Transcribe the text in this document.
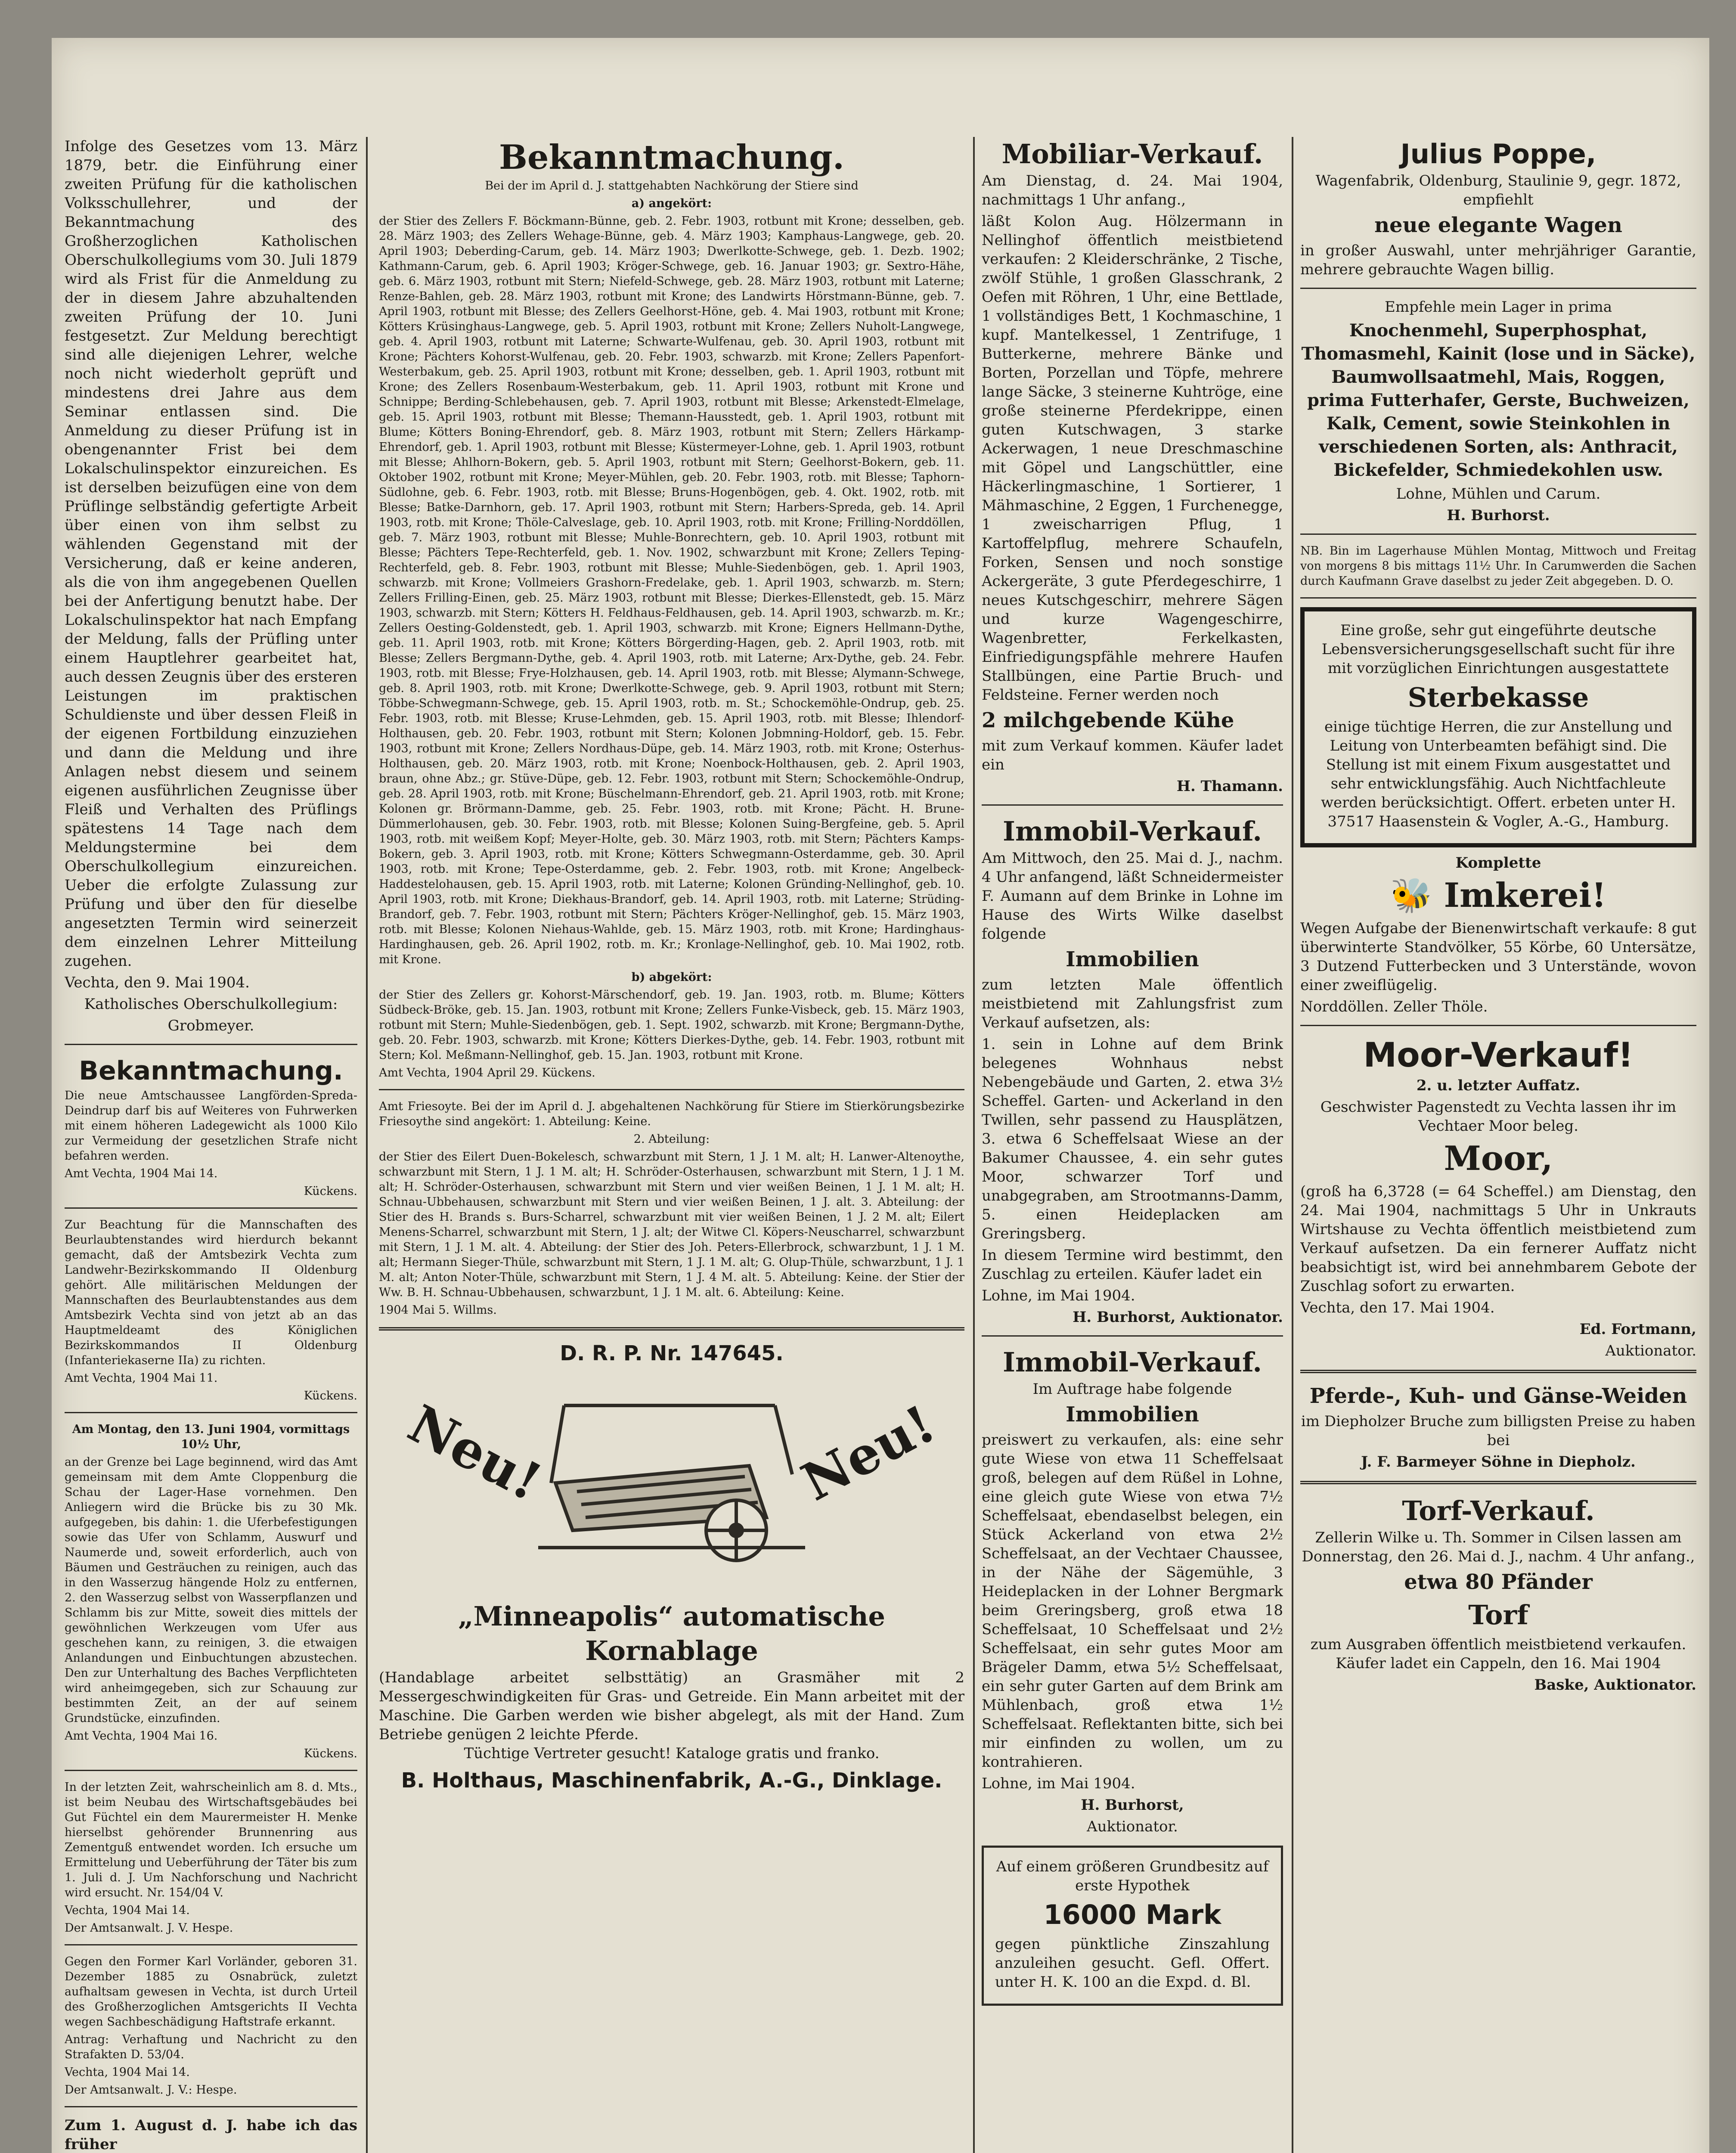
Infolge des Gesetzes vom 13. März 1879, betr. die Einführung einer zweiten Prüfung für die katholischen Volksschullehrer, und der Bekanntmachung des Großherzoglichen Katholischen Oberschulkollegiums vom 30. Juli 1879 wird als Frist für die Anmeldung zu der in diesem Jahre abzuhaltenden zweiten Prüfung der 10. Juni festgesetzt. Zur Meldung berechtigt sind alle diejenigen Lehrer, welche noch nicht wiederholt geprüft und mindestens drei Jahre aus dem Seminar entlassen sind. Die Anmeldung zu dieser Prüfung ist in obengenannter Frist bei dem Lokalschulinspektor einzureichen. Es ist derselben beizufügen eine von dem Prüflinge selbständig gefertigte Arbeit über einen von ihm selbst zu wählenden Gegenstand mit der Versicherung, daß er keine anderen, als die von ihm angegebenen Quellen bei der Anfertigung benutzt habe. Der Lokalschulinspektor hat nach Empfang der Meldung, falls der Prüfling unter einem Hauptlehrer gearbeitet hat, auch dessen Zeugnis über des ersteren Leistungen im praktischen Schuldienste und über dessen Fleiß in der eigenen Fortbildung einzuziehen und dann die Meldung und ihre Anlagen nebst diesem und seinem eigenen ausführlichen Zeugnisse über Fleiß und Verhalten des Prüflings spätestens 14 Tage nach dem Meldungstermine bei dem Oberschulkollegium einzureichen. Ueber die erfolgte Zulassung zur Prüfung und über den für dieselbe angesetzten Termin wird seinerzeit dem einzelnen Lehrer Mitteilung zugehen.

Vechta, den 9. Mai 1904.

Katholisches Oberschulkollegium:

Grobmeyer.

Bekanntmachung.

Die neue Amtschaussee Langförden-Spreda-Deindrup darf bis auf Weiteres von Fuhrwerken mit einem höheren Ladegewicht als 1000 Kilo zur Vermeidung der gesetzlichen Strafe nicht befahren werden.

Amt Vechta, 1904 Mai 14.

Kückens.

Zur Beachtung für die Mannschaften des Beurlaubtenstandes wird hierdurch bekannt gemacht, daß der Amtsbezirk Vechta zum Landwehr-Bezirkskommando II Oldenburg gehört. Alle militärischen Meldungen der Mannschaften des Beurlaubtenstandes aus dem Amtsbezirk Vechta sind von jetzt ab an das Hauptmeldeamt des Königlichen Bezirkskommandos II Oldenburg (Infanteriekaserne IIa) zu richten.

Amt Vechta, 1904 Mai 11.

Kückens.

Am Montag, den 13. Juni 1904, vormittags 10½ Uhr,

an der Grenze bei Lage beginnend, wird das Amt gemeinsam mit dem Amte Cloppenburg die Schau der Lager-Hase vornehmen. Den Anliegern wird die Brücke bis zu 30 Mk. aufgegeben, bis dahin: 1. die Uferbefestigungen sowie das Ufer von Schlamm, Auswurf und Naumerde und, soweit erforderlich, auch von Bäumen und Gesträuchen zu reinigen, auch das in den Wasserzug hängende Holz zu entfernen, 2. den Wasserzug selbst von Wasserpflanzen und Schlamm bis zur Mitte, soweit dies mittels der gewöhnlichen Werkzeugen vom Ufer aus geschehen kann, zu reinigen, 3. die etwaigen Anlandungen und Einbuchtungen abzustechen. Den zur Unterhaltung des Baches Verpflichteten wird anheimgegeben, sich zur Schauung zur bestimmten Zeit, an der auf seinem Grundstücke, einzufinden.

Amt Vechta, 1904 Mai 16.

Kückens.

In der letzten Zeit, wahrscheinlich am 8. d. Mts., ist beim Neubau des Wirtschaftsgebäudes bei Gut Füchtel ein dem Maurermeister H. Menke hierselbst gehörender Brunnenring aus Zementguß entwendet worden. Ich ersuche um Ermittelung und Ueberführung der Täter bis zum 1. Juli d. J. Um Nachforschung und Nachricht wird ersucht. Nr. 154/04 V.

Vechta, 1904 Mai 14.

Der Amtsanwalt. J. V. Hespe.

Gegen den Former Karl Vorländer, geboren 31. Dezember 1885 zu Osnabrück, zuletzt aufhaltsam gewesen in Vechta, ist durch Urteil des Großherzoglichen Amtsgerichts II Vechta wegen Sachbeschädigung Haftstrafe erkannt.

Antrag: Verhaftung und Nachricht zu den Strafakten D. 53/04.

Vechta, 1904 Mai 14.

Der Amtsanwalt. J. V.: Hespe.

Zum 1. August d. J. habe ich das früher

Bekanntmachung.

Bei der im April d. J. stattgehabten Nachkörung der Stiere sind

a) angekört:

der Stier des Zellers F. Böckmann-Bünne, geb. 2. Febr. 1903, rotbunt mit Krone; desselben, geb. 28. März 1903; des Zellers Wehage-Bünne, geb. 4. März 1903; Kamphaus-Langwege, geb. 20. April 1903; Deberding-Carum, geb. 14. März 1903; Dwerlkotte-Schwege, geb. 1. Dezb. 1902; Kathmann-Carum, geb. 6. April 1903; Kröger-Schwege, geb. 16. Januar 1903; gr. Sextro-Hähe, geb. 6. März 1903, rotbunt mit Stern; Niefeld-Schwege, geb. 28. März 1903, rotbunt mit Laterne; Renze-Bahlen, geb. 28. März 1903, rotbunt mit Krone; des Landwirts Hörstmann-Bünne, geb. 7. April 1903, rotbunt mit Blesse; des Zellers Geelhorst-Höne, geb. 4. Mai 1903, rotbunt mit Krone; Kötters Krüsinghaus-Langwege, geb. 5. April 1903, rotbunt mit Krone; Zellers Nuholt-Langwege, geb. 4. April 1903, rotbunt mit Laterne; Schwarte-Wulfenau, geb. 30. April 1903, rotbunt mit Krone; Pächters Kohorst-Wulfenau, geb. 20. Febr. 1903, schwarzb. mit Krone; Zellers Papenfort-Westerbakum, geb. 25. April 1903, rotbunt mit Krone; desselben, geb. 1. April 1903, rotbunt mit Krone; des Zellers Rosenbaum-Westerbakum, geb. 11. April 1903, rotbunt mit Krone und Schnippe; Berding-Schlebehausen, geb. 7. April 1903, rotbunt mit Blesse; Arkenstedt-Elmelage, geb. 15. April 1903, rotbunt mit Blesse; Themann-Hausstedt, geb. 1. April 1903, rotbunt mit Blume; Kötters Boning-Ehrendorf, geb. 8. März 1903, rotbunt mit Stern; Zellers Härkamp-Ehrendorf, geb. 1. April 1903, rotbunt mit Blesse; Küstermeyer-Lohne, geb. 1. April 1903, rotbunt mit Blesse; Ahlhorn-Bokern, geb. 5. April 1903, rotbunt mit Stern; Geelhorst-Bokern, geb. 11. Oktober 1902, rotbunt mit Krone; Meyer-Mühlen, geb. 20. Febr. 1903, rotb. mit Blesse; Taphorn-Südlohne, geb. 6. Febr. 1903, rotb. mit Blesse; Bruns-Hogenbögen, geb. 4. Okt. 1902, rotb. mit Blesse; Batke-Darnhorn, geb. 17. April 1903, rotbunt mit Stern; Harbers-Spreda, geb. 14. April 1903, rotb. mit Krone; Thöle-Calveslage, geb. 10. April 1903, rotb. mit Krone; Frilling-Norddöllen, geb. 7. März 1903, rotbunt mit Blesse; Muhle-Bonrechtern, geb. 10. April 1903, rotbunt mit Blesse; Pächters Tepe-Rechterfeld, geb. 1. Nov. 1902, schwarzbunt mit Krone; Zellers Teping-Rechterfeld, geb. 8. Febr. 1903, rotbunt mit Blesse; Muhle-Siedenbögen, geb. 1. April 1903, schwarzb. mit Krone; Vollmeiers Grashorn-Fredelake, geb. 1. April 1903, schwarzb. m. Stern; Zellers Frilling-Einen, geb. 25. März 1903, rotbunt mit Blesse; Dierkes-Ellenstedt, geb. 15. März 1903, schwarzb. mit Stern; Kötters H. Feldhaus-Feldhausen, geb. 14. April 1903, schwarzb. m. Kr.; Zellers Oesting-Goldenstedt, geb. 1. April 1903, schwarzb. mit Krone; Eigners Hellmann-Dythe, geb. 11. April 1903, rotb. mit Krone; Kötters Börgerding-Hagen, geb. 2. April 1903, rotb. mit Blesse; Zellers Bergmann-Dythe, geb. 4. April 1903, rotb. mit Laterne; Arx-Dythe, geb. 24. Febr. 1903, rotb. mit Blesse; Frye-Holzhausen, geb. 14. April 1903, rotb. mit Blesse; Alymann-Schwege, geb. 8. April 1903, rotb. mit Krone; Dwerlkotte-Schwege, geb. 9. April 1903, rotbunt mit Stern; Többe-Schwegmann-Schwege, geb. 15. April 1903, rotb. m. St.; Schockemöhle-Ondrup, geb. 25. Febr. 1903, rotb. mit Blesse; Kruse-Lehmden, geb. 15. April 1903, rotb. mit Blesse; Ihlendorf-Holthausen, geb. 20. Febr. 1903, rotbunt mit Stern; Kolonen Jobmning-Holdorf, geb. 15. Febr. 1903, rotbunt mit Krone; Zellers Nordhaus-Düpe, geb. 14. März 1903, rotb. mit Krone; Osterhus-Holthausen, geb. 20. März 1903, rotb. mit Krone; Noenbock-Holthausen, geb. 2. April 1903, braun, ohne Abz.; gr. Stüve-Düpe, geb. 12. Febr. 1903, rotbunt mit Stern; Schockemöhle-Ondrup, geb. 28. April 1903, rotb. mit Krone; Büschelmann-Ehrendorf, geb. 21. April 1903, rotb. mit Krone; Kolonen gr. Brörmann-Damme, geb. 25. Febr. 1903, rotb. mit Krone; Pächt. H. Brune-Dümmerlohausen, geb. 30. Febr. 1903, rotb. mit Blesse; Kolonen Suing-Bergfeine, geb. 5. April 1903, rotb. mit weißem Kopf; Meyer-Holte, geb. 30. März 1903, rotb. mit Stern; Pächters Kamps-Bokern, geb. 3. April 1903, rotb. mit Krone; Kötters Schwegmann-Osterdamme, geb. 30. April 1903, rotb. mit Krone; Tepe-Osterdamme, geb. 2. Febr. 1903, rotb. mit Krone; Angelbeck-Haddestelohausen, geb. 15. April 1903, rotb. mit Laterne; Kolonen Gründing-Nellinghof, geb. 10. April 1903, rotb. mit Krone; Diekhaus-Brandorf, geb. 14. April 1903, rotb. mit Laterne; Strüding-Brandorf, geb. 7. Febr. 1903, rotbunt mit Stern; Pächters Kröger-Nellinghof, geb. 15. März 1903, rotb. mit Blesse; Kolonen Niehaus-Wahlde, geb. 15. März 1903, rotb. mit Krone; Hardinghaus-Hardinghausen, geb. 26. April 1902, rotb. m. Kr.; Kronlage-Nellinghof, geb. 10. Mai 1902, rotb. mit Krone.

b) abgekört:

der Stier des Zellers gr. Kohorst-Märschendorf, geb. 19. Jan. 1903, rotb. m. Blume; Kötters Südbeck-Bröke, geb. 15. Jan. 1903, rotbunt mit Krone; Zellers Funke-Visbeck, geb. 15. März 1903, rotbunt mit Stern; Muhle-Siedenbögen, geb. 1. Sept. 1902, schwarzb. mit Krone; Bergmann-Dythe, geb. 20. Febr. 1903, schwarzb. mit Krone; Kötters Dierkes-Dythe, geb. 14. Febr. 1903, rotbunt mit Stern; Kol. Meßmann-Nellinghof, geb. 15. Jan. 1903, rotbunt mit Krone.

Amt Vechta, 1904 April 29. Kückens.

Amt Friesoyte. Bei der im April d. J. abgehaltenen Nachkörung für Stiere im Stierkörungsbezirke Friesoythe sind angekört: 1. Abteilung: Keine.

2. Abteilung:

der Stier des Eilert Duen-Bokelesch, schwarzbunt mit Stern, 1 J. 1 M. alt; H. Lanwer-Altenoythe, schwarzbunt mit Stern, 1 J. 1 M. alt; H. Schröder-Osterhausen, schwarzbunt mit Stern, 1 J. 1 M. alt; H. Schröder-Osterhausen, schwarzbunt mit Stern und vier weißen Beinen, 1 J. 1 M. alt; H. Schnau-Ubbehausen, schwarzbunt mit Stern und vier weißen Beinen, 1 J. alt. 3. Abteilung: der Stier des H. Brands s. Burs-Scharrel, schwarzbunt mit vier weißen Beinen, 1 J. 2 M. alt; Eilert Menens-Scharrel, schwarzbunt mit Stern, 1 J. alt; der Witwe Cl. Köpers-Neuscharrel, schwarzbunt mit Stern, 1 J. 1 M. alt. 4. Abteilung: der Stier des Joh. Peters-Ellerbrock, schwarzbunt, 1 J. 1 M. alt; Hermann Sieger-Thüle, schwarzbunt mit Stern, 1 J. 1 M. alt; G. Olup-Thüle, schwarzbunt, 1 J. 1 M. alt; Anton Noter-Thüle, schwarzbunt mit Stern, 1 J. 4 M. alt. 5. Abteilung: Keine. der Stier der Ww. B. H. Schnau-Ubbehausen, schwarzbunt, 1 J. 1 M. alt. 6. Abteilung: Keine.

1904 Mai 5. Willms.

D. R. P. Nr. 147645.
Neu!	Neu!
„Minneapolis“ automatische Kornablage
(Handablage arbeitet selbsttätig) an Grasmäher mit 2 Messergeschwindigkeiten für Gras- und Getreide. Ein Mann arbeitet mit der Maschine. Die Garben werden wie bisher abgelegt, als mit der Hand. Zum Betriebe genügen 2 leichte Pferde.
Tüchtige Vertreter gesucht! Kataloge gratis und franko.
B. Holthaus, Maschinenfabrik, A.-G., Dinklage.
Mobiliar-Verkauf.

Am Dienstag, d. 24. Mai 1904, nachmittags 1 Uhr anfang.,

läßt Kolon Aug. Hölzermann in Nellinghof öffentlich meistbietend verkaufen: 2 Kleiderschränke, 2 Tische, zwölf Stühle, 1 großen Glasschrank, 2 Oefen mit Röhren, 1 Uhr, eine Bettlade, 1 vollständiges Bett, 1 Kochmaschine, 1 kupf. Mantelkessel, 1 Zentrifuge, 1 Butterkerne, mehrere Bänke und Borten, Porzellan und Töpfe, mehrere lange Säcke, 3 steinerne Kuhtröge, eine große steinerne Pferdekrippe, einen guten Kutschwagen, 3 starke Ackerwagen, 1 neue Dreschmaschine mit Göpel und Langschüttler, eine Häckerlingmaschine, 1 Sortierer, 1 Mähmaschine, 2 Eggen, 1 Furchenegge, 1 zweischarrigen Pflug, 1 Kartoffelpflug, mehrere Schaufeln, Forken, Sensen und noch sonstige Ackergeräte, 3 gute Pferdegeschirre, 1 neues Kutschgeschirr, mehrere Sägen und kurze Wagengeschirre, Wagenbretter, Ferkelkasten, Einfriedigungspfähle mehrere Haufen Stallbüngen, eine Partie Bruch- und Feldsteine. Ferner werden noch

2 milchgebende Kühe

mit zum Verkauf kommen. Käufer ladet ein

H. Thamann.

Immobil-Verkauf.

Am Mittwoch, den 25. Mai d. J., nachm. 4 Uhr anfangend, läßt Schneidermeister F. Aumann auf dem Brinke in Lohne im Hause des Wirts Wilke daselbst folgende

Immobilien

zum letzten Male öffentlich meistbietend mit Zahlungsfrist zum Verkauf aufsetzen, als:

1. sein in Lohne auf dem Brink belegenes Wohnhaus nebst Nebengebäude und Garten, 2. etwa 3½ Scheffel. Garten- und Ackerland in den Twillen, sehr passend zu Hausplätzen, 3. etwa 6 Scheffelsaat Wiese an der Bakumer Chaussee, 4. ein sehr gutes Moor, schwarzer Torf und unabgegraben, am Strootmanns-Damm, 5. einen Heideplacken am Greringsberg.

In diesem Termine wird bestimmt, den Zuschlag zu erteilen. Käufer ladet ein

Lohne, im Mai 1904.

H. Burhorst, Auktionator.

Immobil-Verkauf.

Im Auftrage habe folgende

Immobilien

preiswert zu verkaufen, als: eine sehr gute Wiese von etwa 11 Scheffelsaat groß, belegen auf dem Rüßel in Lohne, eine gleich gute Wiese von etwa 7½ Scheffelsaat, ebendaselbst belegen, ein Stück Ackerland von etwa 2½ Scheffelsaat, an der Vechtaer Chaussee, in der Nähe der Sägemühle, 3 Heideplacken in der Lohner Bergmark beim Greringsberg, groß etwa 18 Scheffelsaat, 10 Scheffelsaat und 2½ Scheffelsaat, ein sehr gutes Moor am Brägeler Damm, etwa 5½ Scheffelsaat, ein sehr guter Garten auf dem Brink am Mühlenbach, groß etwa 1½ Scheffelsaat. Reflektanten bitte, sich bei mir einfinden zu wollen, um zu kontrahieren.

Lohne, im Mai 1904.

H. Burhorst,

Auktionator.

Auf einem größeren Grundbesitz auf erste Hypothek

16000 Mark

gegen pünktliche Zinszahlung anzuleihen gesucht. Gefl. Offert. unter H. K. 100 an die Expd. d. Bl.

Julius Poppe,

Wagenfabrik, Oldenburg, Staulinie 9, gegr. 1872, empfiehlt

neue elegante Wagen

in großer Auswahl, unter mehrjähriger Garantie, mehrere gebrauchte Wagen billig.

Empfehle mein Lager in prima

Knochenmehl, Superphosphat, Thomasmehl, Kainit (lose und in Säcke), Baumwollsaatmehl, Mais, Roggen, prima Futterhafer, Gerste, Buchweizen, Kalk, Cement, sowie Steinkohlen in verschiedenen Sorten, als: Anthracit, Bickefelder, Schmiedekohlen usw.

Lohne, Mühlen und Carum.

H. Burhorst.

NB. Bin im Lagerhause Mühlen Montag, Mittwoch und Freitag von morgens 8 bis mittags 11½ Uhr. In Carumwerden die Sachen durch Kaufmann Grave daselbst zu jeder Zeit abgegeben. D. O.

Eine große, sehr gut eingeführte deutsche Lebensversicherungsgesellschaft sucht für ihre mit vorzüglichen Einrichtungen ausgestattete

Sterbekasse

einige tüchtige Herren, die zur Anstellung und Leitung von Unterbeamten befähigt sind. Die Stellung ist mit einem Fixum ausgestattet und sehr entwicklungsfähig. Auch Nichtfachleute werden berücksichtigt. Offert. erbeten unter H. 37517 Haasenstein & Vogler, A.-G., Hamburg.

Komplette

🐝 Imkerei!

Wegen Aufgabe der Bienenwirtschaft verkaufe: 8 gut überwinterte Standvölker, 55 Körbe, 60 Untersätze, 3 Dutzend Futterbecken und 3 Unterstände, wovon einer zweiflügelig.

Norddöllen. Zeller Thöle.

Moor-Verkauf!

2. u. letzter Auffatz.

Geschwister Pagenstedt zu Vechta lassen ihr im Vechtaer Moor beleg.

Moor,

(groß ha 6,3728 (= 64 Scheffel.) am Dienstag, den 24. Mai 1904, nachmittags 5 Uhr in Unkrauts Wirtshause zu Vechta öffentlich meistbietend zum Verkauf aufsetzen. Da ein fernerer Auffatz nicht beabsichtigt ist, wird bei annehmbarem Gebote der Zuschlag sofort zu erwarten.

Vechta, den 17. Mai 1904.

Ed. Fortmann,

Auktionator.

Pferde-, Kuh- und Gänse-Weiden

im Diepholzer Bruche zum billigsten Preise zu haben bei

J. F. Barmeyer Söhne in Diepholz.

Torf-Verkauf.

Zellerin Wilke u. Th. Sommer in Cilsen lassen am Donnerstag, den 26. Mai d. J., nachm. 4 Uhr anfang.,

etwa 80 Pfänder

Torf

zum Ausgraben öffentlich meistbietend verkaufen. Käufer ladet ein Cappeln, den 16. Mai 1904

Baske, Auktionator.
